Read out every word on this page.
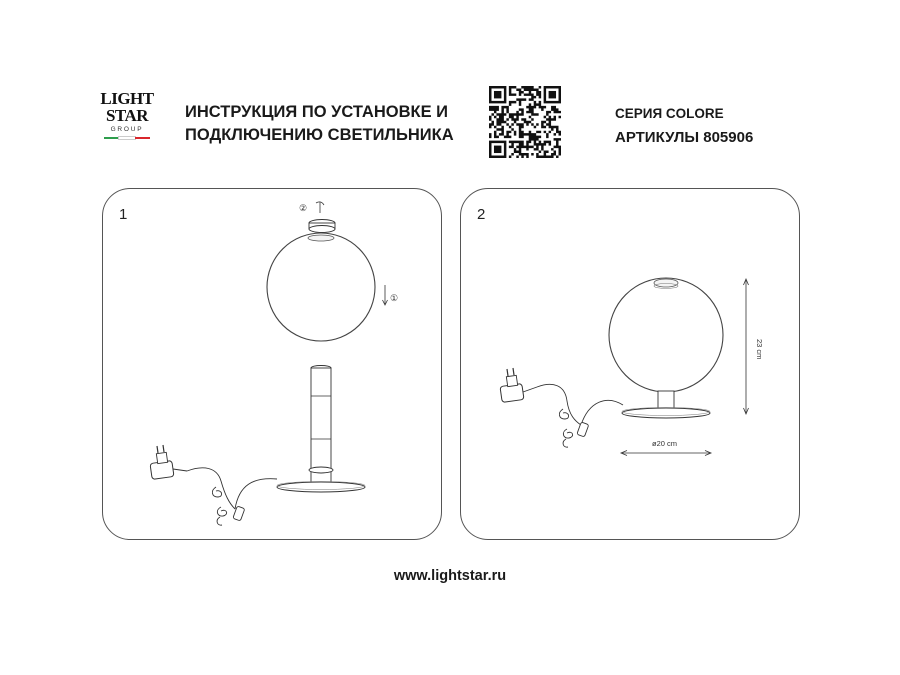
LIGHT
STAR
GROUP
ИНСТРУКЦИЯ ПО УСТАНОВКЕ И
ПОДКЛЮЧЕНИЮ СВЕТИЛЬНИКА
СЕРИЯ COLORE
АРТИКУЛЫ 805906
1	②
①
2
23 cm
ø20 cm
www.lightstar.ru
